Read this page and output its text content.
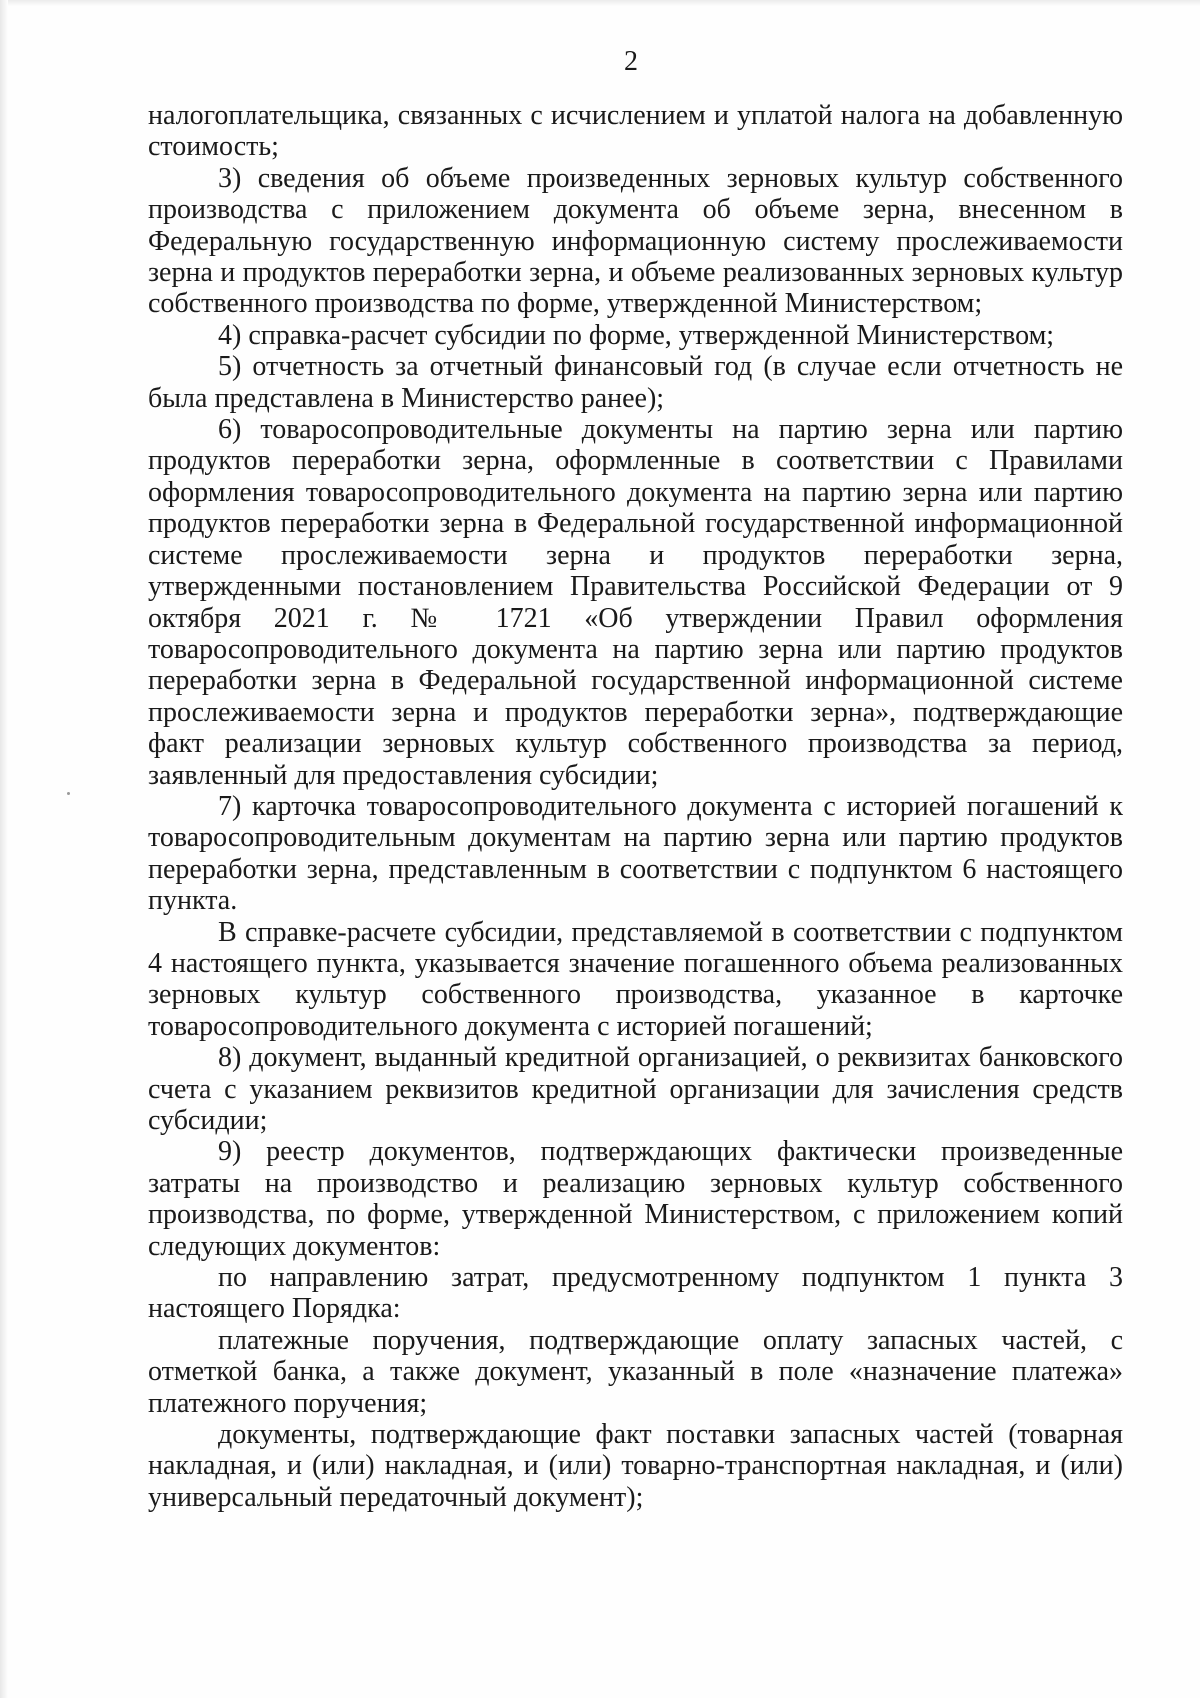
2

налогоплательщика, связанных с исчислением и уплатой налога на добавленную стоимость;

3) сведения об объеме произведенных зерновых культур собственного производства с приложением документа об объеме зерна, внесенном в Федеральную государственную информационную систему прослеживаемости зерна и продуктов переработки зерна, и объеме реализованных зерновых культур собственного производства по форме, утвержденной Министерством;

4) справка-расчет субсидии по форме, утвержденной Министерством;

5) отчетность за отчетный финансовый год (в случае если отчетность не была представлена в Министерство ранее);

6) товаросопроводительные документы на партию зерна или партию продуктов переработки зерна, оформленные в соответствии с Правилами оформления товаросопроводительного документа на партию зерна или партию продуктов переработки зерна в Федеральной государственной информационной системе прослеживаемости зерна и продуктов переработки зерна, утвержденными постановлением Правительства Российской Федерации от 9 октября 2021 г. № 1721 «Об утверждении Правил оформления товаросопроводительного документа на партию зерна или партию продуктов переработки зерна в Федеральной государственной информационной системе прослеживаемости зерна и продуктов переработки зерна», подтверждающие факт реализации зерновых культур собственного производства за период, заявленный для предоставления субсидии;

7) карточка товаросопроводительного документа с историей погашений к товаросопроводительным документам на партию зерна или партию продуктов переработки зерна, представленным в соответствии с подпунктом 6 настоящего пункта.

В справке-расчете субсидии, представляемой в соответствии с подпунктом 4 настоящего пункта, указывается значение погашенного объема реализованных зерновых культур собственного производства, указанное в карточке товаросопроводительного документа с историей погашений;

8) документ, выданный кредитной организацией, о реквизитах банковского счета с указанием реквизитов кредитной организации для зачисления средств субсидии;

9) реестр документов, подтверждающих фактически произведенные затраты на производство и реализацию зерновых культур собственного производства, по форме, утвержденной Министерством, с приложением копий следующих документов:

по направлению затрат, предусмотренному подпунктом 1 пункта 3 настоящего Порядка:

платежные поручения, подтверждающие оплату запасных частей, с отметкой банка, а также документ, указанный в поле «назначение платежа» платежного поручения;

документы, подтверждающие факт поставки запасных частей (товарная накладная, и (или) накладная, и (или) товарно-транспортная накладная, и (или) универсальный передаточный документ);
